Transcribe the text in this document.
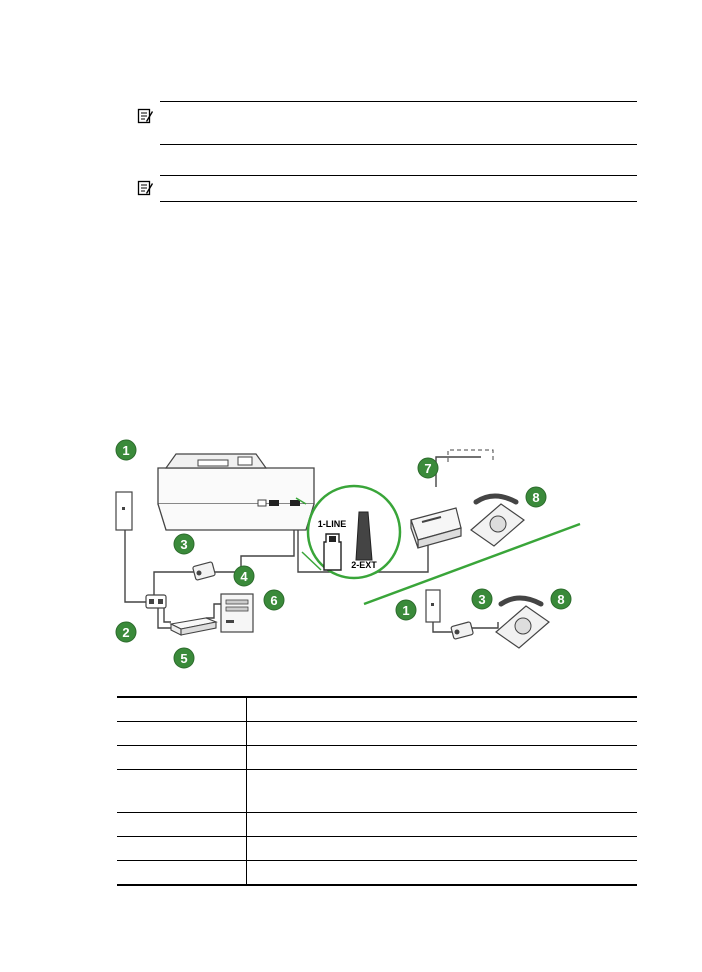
1-LINE
2-EXT
1
2
3
4
5
6
7
8
1
3	8
